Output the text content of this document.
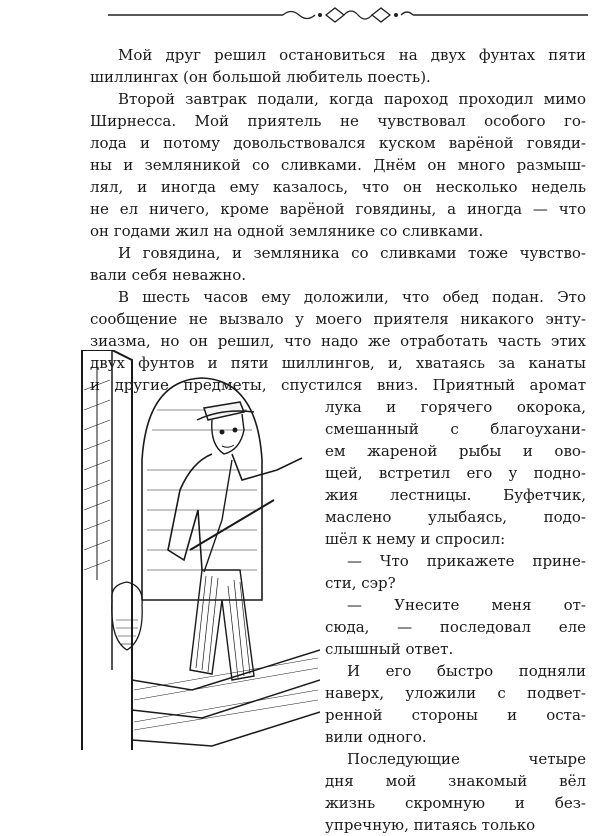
Мой друг решил остановиться на двух фунтах пяти
шиллингах (он большой любитель поесть).
Второй завтрак подали, когда пароход проходил мимо
Ширнесса. Мой приятель не чувствовал особого го-
лода и потому довольствовался куском варёной говяди-
ны и земляникой со сливками. Днём он много размыш-
лял, и иногда ему казалось, что он несколько недель
не ел ничего, кроме варёной говядины, а иногда — что
он годами жил на одной землянике со сливками.
И говядина, и земляника со сливками тоже чувство-
вали себя неважно.
В шесть часов ему доложили, что обед подан. Это
сообщение не вызвало у моего приятеля никакого энту-
зиазма, но он решил, что надо же отработать часть этих
двух фунтов и пяти шиллингов, и, хватаясь за канаты
и другие предметы, спустился вниз. Приятный аромат
лука и горячего окорока,
смешанный с благоухани-
ем жареной рыбы и ово-
щей, встретил его у подно-
жия лестницы. Буфетчик,
маслено улыбаясь, подо-
шёл к нему и спросил:
— Что прикажете прине-
сти, сэр?
— Унесите меня от-
сюда, — последовал еле
слышный ответ.
И его быстро подняли
наверх, уложили с подвет-
ренной стороны и оста-
вили одного.
Последующие четыре
дня мой знакомый вёл
жизнь скромную и без-
упречную, питаясь только
